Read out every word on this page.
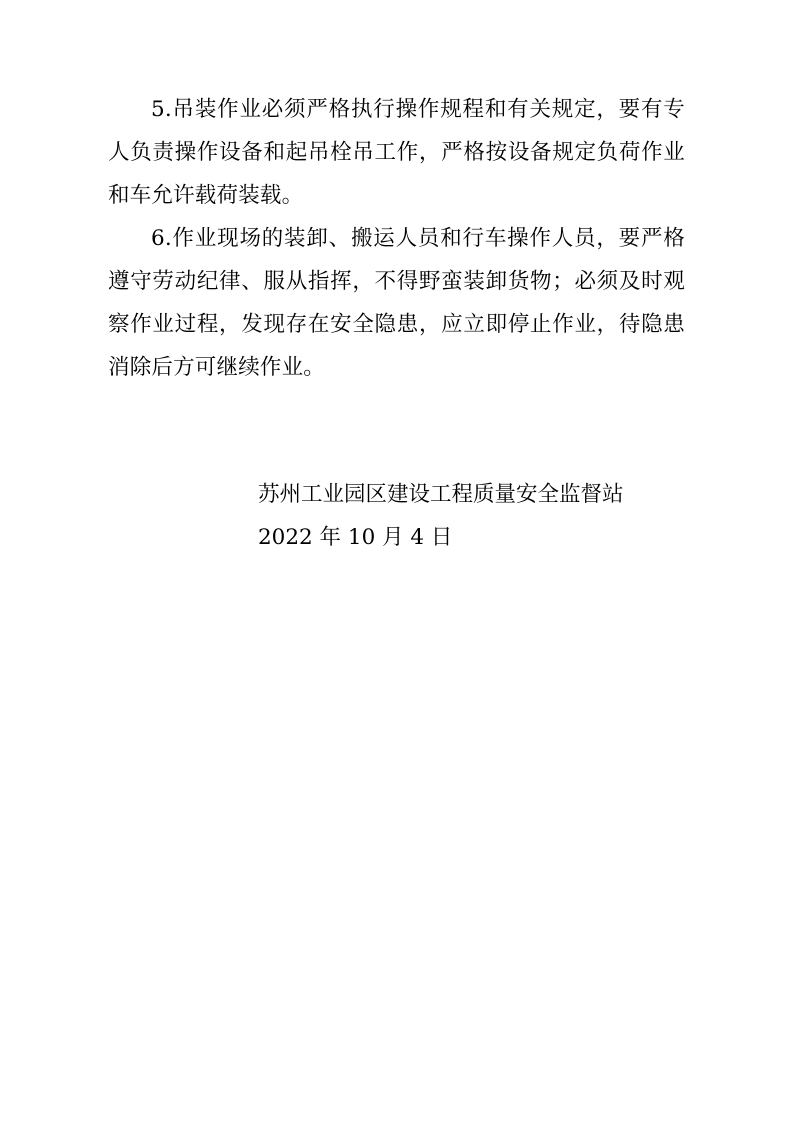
5.吊装作业必须严格执行操作规程和有关规定，要有专人负责操作设备和起吊栓吊工作，严格按设备规定负荷作业和车允许载荷装载。

6.作业现场的装卸、搬运人员和行车操作人员，要严格遵守劳动纪律、服从指挥，不得野蛮装卸货物；必须及时观察作业过程，发现存在安全隐患，应立即停止作业，待隐患消除后方可继续作业。

苏州工业园区建设工程质量安全监督站
2022 年 10 月 4 日
